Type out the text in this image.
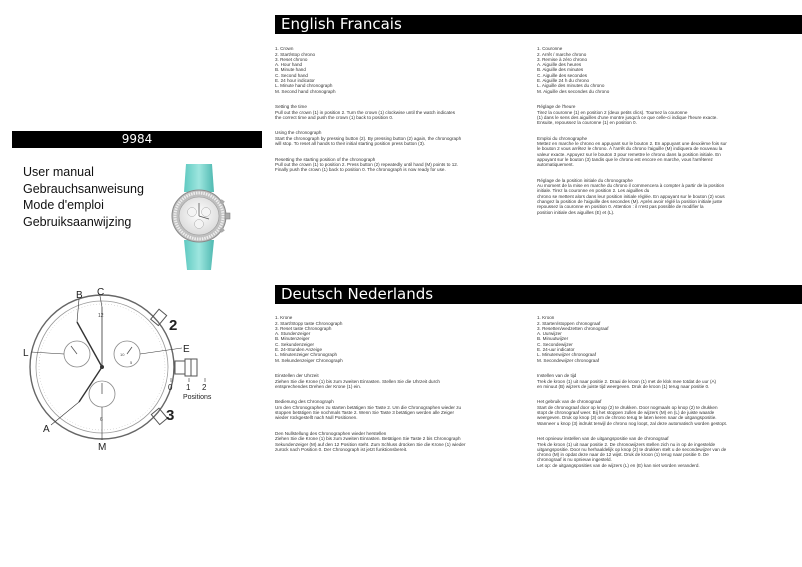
9984
User manual
Gebrauchsanweisung
Mode d'emploi
Gebruiksaanwijzing
B C
L
A
M
E
2
3
0 1 2
Positions
12
6
10
5
English Francais
Deutsch Nederlands

1. Crown
2. Start/stop chrono
3. Reset chrono
A. Hour hand
B. Minute hand
C. Second hand
E. 24 hour indicator
L. Minute hand chronograph
M. Second hand chronograph

Setting the time
Pull out the crown (1) in position 2. Turn the crown (1) clockwise until the watch indicates
the correct time and push the crown (1) back to position 0.

Using the chronograph
Start the chronograph by pressing button (2). By pressing button (2) again, the chronograph
will stop. To reset all hands to their initial starting position press button (3).

Resetting the starting position of the chronograph
Pull out the crown (1) to position 2. Press button (2) repeatedly until hand (M) points to 12.
Finally push the crown (1) back to position 0. The chronograph is now ready for use.

1. Couronne
2. Arrêt / marche chrono
3. Remise à zéro chrono
A. Aiguille des heures
B. Aiguille des minutes
C. Aiguille des secondes
E. Aiguille 24 h du chrono
L. Aiguille des minutes du chrono
M. Aiguille des secondes du chrono

Réglage de l'heure
Tirez la couronne (1) en position 2 (deux petits clics). Tournez la couronne
(1) dans le sens des aiguilles d'une montre jusqu'à ce que celle-ci indique l'heure exacte.
Ensuite, repoussez la couronne (1) en position 0.

Emploi du chronographe
Mettez en marche le chrono en appuyant sur le bouton 2. En appuyant une deuxième fois sur
le bouton 2 vous arrêtez le chrono. À l'arrêt du chrono l'aiguille (M) indiquera de nouveau la
valeur exacte. Appuyez sur le bouton 3 pour remettre le chrono dans la position initiale. En
appuyant sur le bouton (3) tandis que le chrono est encore en marche, vous l'arrêterez
automatiquement.

Réglage de la position initiale du chronographe
Au moment de la mise en marche du chrono il commencera à compter à partir de la position
initiale. Tirez la couronne en position 2. Les aiguilles du
chrono se mettent alors dans leur position initiale réglée. En appuyant sur le bouton (2) vous
changez la position de l'aiguille des secondes (M). Après avoir réglé la position initiale juste
repoussez la couronne en position 0. Attention : il n'est pas possible de modifier la
position initiale des aiguilles (E) et (L).

1. Krone
2. Start/Stopp taste Chronograph
3. Reset taste Chronograph
A. Stundenzeiger
B. Minutenzeiger
C. Sekundenzeiger
E. 24-Stunden Anzeige
L. Minutenzeiger Chronograph
M. Sekundenzeiger Chronograph

Einstellen der Uhrzeit
Ziehen Sie die Krone (1) bis zum zweiten Einrasten. Stellen Sie die Uhrzeit durch
entsprechendes Drehen der Krone (1) ein.

Bedienung des Chronograph
Um den Chronographen zu starten betätigen Sie Taste 2. Um die Chronographen wieder zu
stoppen betätigen Sie nochmals Taste 2. Wenn Sie Taste 3 betätigen werden alle Zeiger
wieder rückgestellt nach Null Positionen.

Den Nullstellung des Chronographen wieder herstellen
Ziehen Sie die Krone (1) bis zum zweiten Einrasten. Betätigen Sie Taste 2 bis Chronograph
Sekundenzeiger (M) auf den 12 Position steht. Zum Schluss drücken Sie die Krone (1) wieder
zurück nach Position 0. Der Chronograph ist jetzt funktionsbereit.

1. Kroon
2. Starten/stoppen chronograaf
3. Resetten/wedzetten chronograaf
A. Uurwijzer
B. Minuutwijzer
C. Secondewijzer
E. 24-uur indicator
L. Minutenwijzer chronograaf
M. Secondewijzer chronograaf

Instellen van de tijd
Trek de kroon (1) uit naar positie 2. Draai de kroon (1) met de klok mee totdat de uur (A)
en minuut (B) wijzers de juiste tijd weergeven. Druk de kroon (1) terug naar positie 0.

Het gebruik van de chronograaf
Start de chronograaf door op knop (2) te drukken. Door nogmaals op knop (2) te drukken
stopt de chronograaf weer. Bij het stoppen zullen de wijzers (M) en (L) de juiste waarde
weergeven. Druk op knop (3) om de chrono terug te laten keren naar de uitgangspositie.
Wanneer u knop (3) indrukt terwijl de chrono nog loopt, zal deze automatisch worden gestopt.

Het opnieuw instellen van de uitgangspositie van de chronograaf
Trek de kroon (1) uit naar positie 2. De chronowijzers stellen zich nu in op de ingestelde
uitgangspositie. Door nu herhaaldelijk op knop (2) te drukken stelt u de secondewijzer van de
chrono (M) in opdat deze naar de 12 wijst. Druk de kroon (1) terug naar positie 0. De
chronograaf is nu opnieuw ingesteld.
Let op: de uitgangsposities van de wijzers (L) en (E) kan niet worden veranderd.
